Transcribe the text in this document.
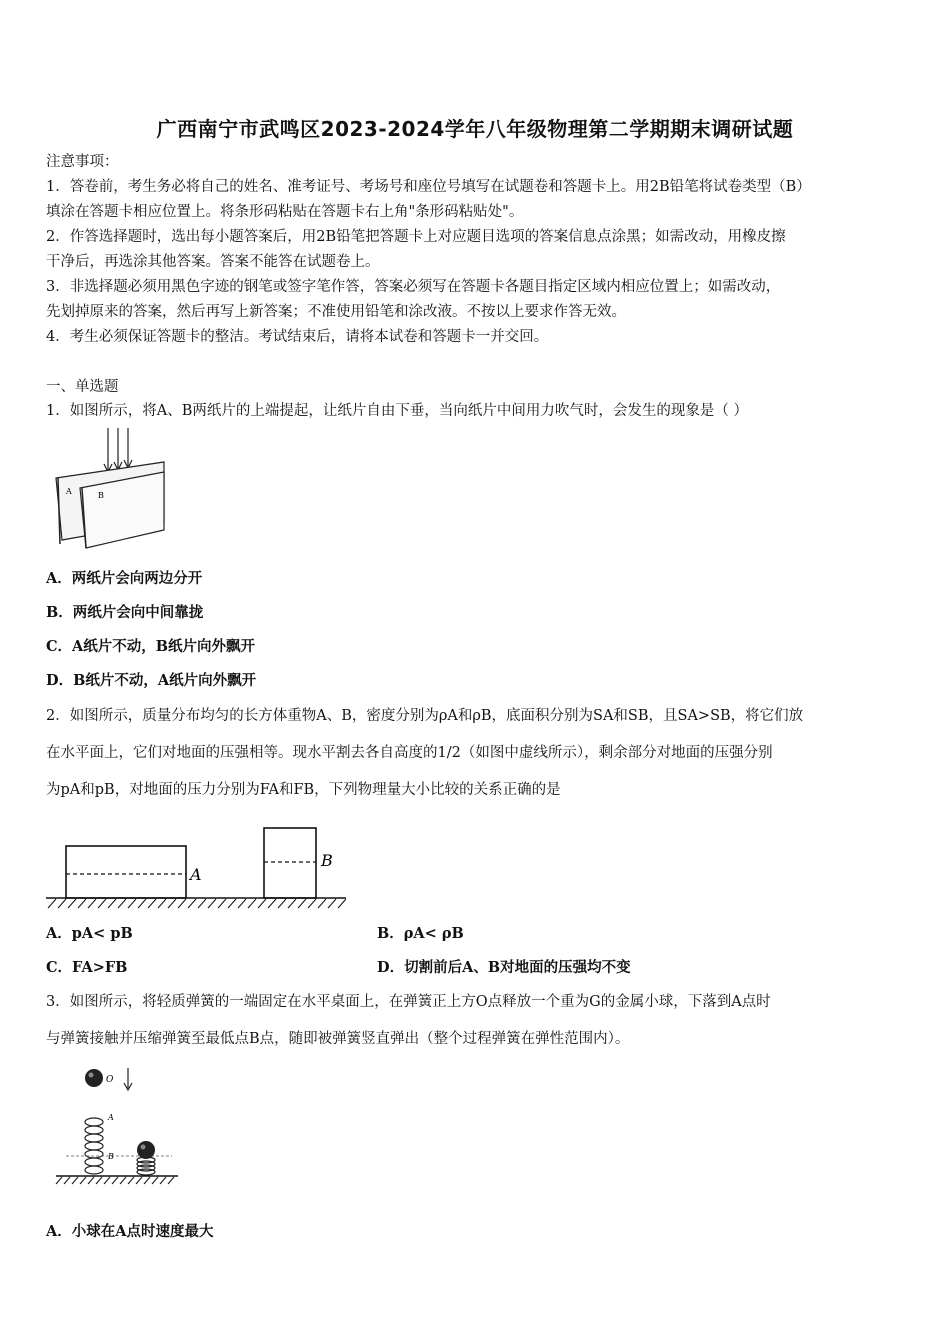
广西南宁市武鸣区2023-2024学年八年级物理第二学期期末调研试题
注意事项：
1．答卷前，考生务必将自己的姓名、准考证号、考场号和座位号填写在试题卷和答题卡上。用2B铅笔将试卷类型（B）
填涂在答题卡相应位置上。将条形码粘贴在答题卡右上角"条形码粘贴处"。
2．作答选择题时，选出每小题答案后，用2B铅笔把答题卡上对应题目选项的答案信息点涂黑；如需改动，用橡皮擦
干净后，再选涂其他答案。答案不能答在试题卷上。
3．非选择题必须用黑色字迹的钢笔或签字笔作答，答案必须写在答题卡各题目指定区域内相应位置上；如需改动，
先划掉原来的答案，然后再写上新答案；不准使用铅笔和涂改液。不按以上要求作答无效。
4．考生必须保证答题卡的整洁。考试结束后，请将本试卷和答题卡一并交回。
一、单选题
1．如图所示，将A、B两纸片的上端提起，让纸片自由下垂，当向纸片中间用力吹气时，会发生的现象是（ ）
A	B
A．两纸片会向两边分开
B．两纸片会向中间靠拢
C．A纸片不动，B纸片向外飘开
D．B纸片不动，A纸片向外飘开
2．如图所示，质量分布均匀的长方体重物A、B，密度分别为ρA和ρB，底面积分别为SA和SB，且SA>SB，将它们放
在水平面上，它们对地面的压强相等。现水平割去各自高度的1/2（如图中虚线所示），剩余部分对地面的压强分别
为pA和pB，对地面的压力分别为FA和FB，下列物理量大小比较的关系正确的是
A
B
A．pA< pB	B．ρA< ρB
C．FA>FB	D．切割前后A、B对地面的压强均不变
3．如图所示，将轻质弹簧的一端固定在水平桌面上，在弹簧正上方O点释放一个重为G的金属小球，下落到A点时
与弹簧接触并压缩弹簧至最低点B点，随即被弹簧竖直弹出（整个过程弹簧在弹性范围内）。
O
A
B
A．小球在A点时速度最大
